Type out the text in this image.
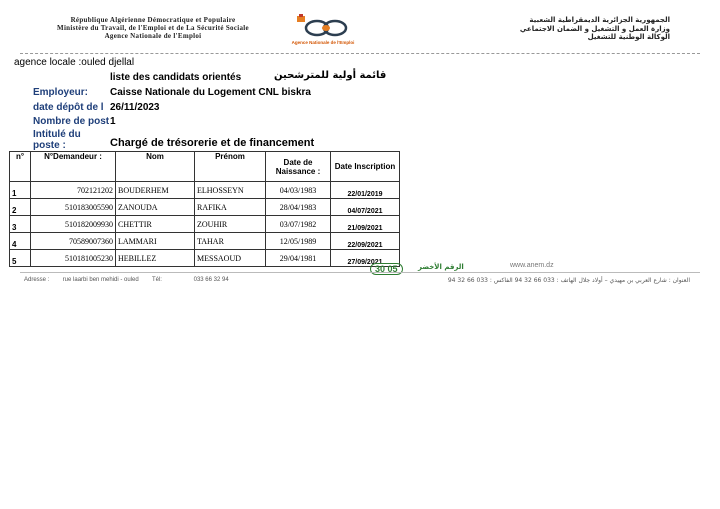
République Algérienne Démocratique et Populaire
Ministère du Travail, de l'Emploi et de La Sécurité Sociale
Agence Nationale de l'Emploi
Agence Nationale de l'Emploi
الجمهورية الجزائرية الديمقراطية الشعبية
وزارة العمل و التشغيل و الضمان الاجتماعي
الوكالة الوطنية للتشغيل
agence locale :ouled djellal
liste des candidats orientés	قائمة أولية للمترشحين
Employeur: Caisse Nationale du Logement CNL biskra
date dépôt de l 26/11/2023
Nombre de post 1
Intitulé du
poste :	Chargé de trésorerie et de financement
n°	N°Demandeur :	Nom	Prénom	Date de Naissance :	Date Inscription
1	702121202	BOUDERHEM	ELHOSSEYN	04/03/1983	22/01/2019
2	510183005590	ZANOUDA	RAFIKA	28/04/1983	04/07/2021
3	510182009930	CHETTIR	ZOUHIR	03/07/1982	21/09/2021
4	70589007360	LAMMARI	TAHAR	12/05/1989	22/09/2021
5	510181005230	HEBILLEZ	MESSAOUD	29/04/1981	27/09/2021
30 05	الرقم الأخضر	www.anem.dz
Adresse :        rue laarbi ben mehidi - ouled        Tél:                   033 66 32 94	العنوان : شارع العربي بن مهيدي – أولاد جلال الهاتف : 033 66 32 94 الفاكس : 033 66 32 94
